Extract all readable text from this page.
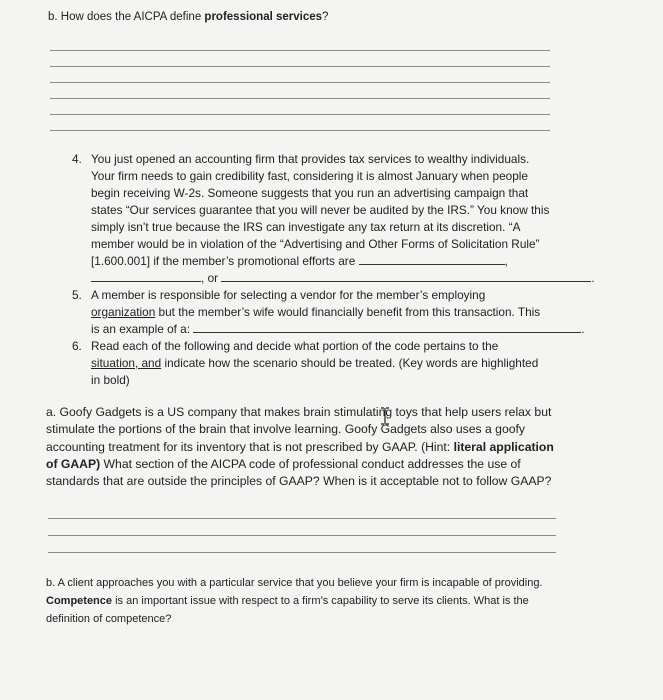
b. How does the AICPA define professional services?
4. You just opened an accounting firm that provides tax services to wealthy individuals.
Your firm needs to gain credibility fast, considering it is almost January when people
begin receiving W-2s. Someone suggests that you run an advertising campaign that
states “Our services guarantee that you will never be audited by the IRS.” You know this
simply isn’t true because the IRS can investigate any tax return at its discretion. “A
member would be in violation of the “Advertising and Other Forms of Solicitation Rule”
[1.600.001] if the member’s promotional efforts are	,
, or	.
5. A member is responsible for selecting a vendor for the member’s employing
organization but the member’s wife would financially benefit from this transaction. This
is an example of a:	.
6. Read each of the following and decide what portion of the code pertains to the
situation, and indicate how the scenario should be treated. (Key words are highlighted
in bold)
a. Goofy Gadgets is a US company that makes brain stimulating toys that help users relax but
stimulate the portions of the brain that involve learning. Goofy Gadgets also uses a goofy
accounting treatment for its inventory that is not prescribed by GAAP. (Hint: literal application
of GAAP) What section of the AICPA code of professional conduct addresses the use of
standards that are outside the principles of GAAP? When is it acceptable not to follow GAAP?
b. A client approaches you with a particular service that you believe your firm is incapable of providing.
Competence is an important issue with respect to a firm’s capability to serve its clients. What is the
definition of competence?
